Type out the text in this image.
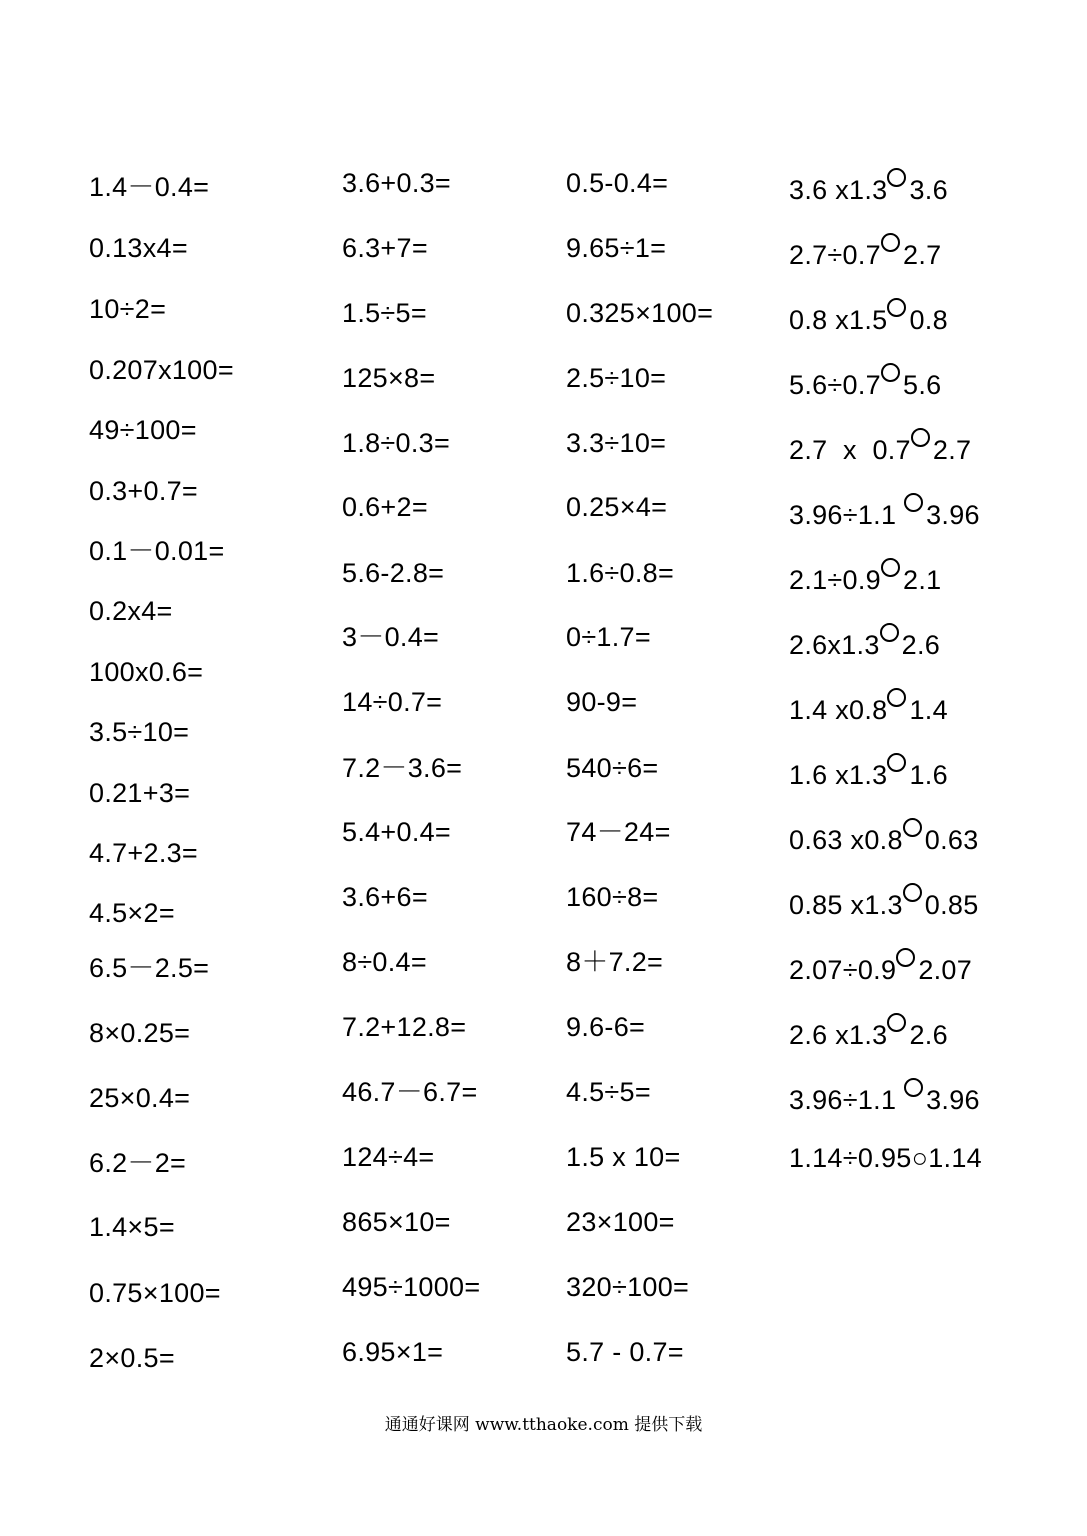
1.4－0.4=
0.13x4=
10÷2=
0.207x100=
49÷100=
0.3+0.7=
0.1－0.01=
0.2x4=
100x0.6=
3.5÷10=
0.21+3=
4.7+2.3=
4.5×2=
6.5－2.5=
8×0.25=
25×0.4=
6.2－2=
1.4×5=
0.75×100=
2×0.5=
3.6+0.3=
6.3+7=
1.5÷5=
125×8=
1.8÷0.3=
0.6+2=
5.6-2.8=
3－0.4=
14÷0.7=
7.2－3.6=
5.4+0.4=
3.6+6=
8÷0.4=
7.2+12.8=
46.7－6.7=
124÷4=
865×10=
495÷1000=
6.95×1=
0.5-0.4=
9.65÷1=
0.325×100=
2.5÷10=
3.3÷10=
0.25×4=
1.6÷0.8=
0÷1.7=
90-9=
540÷6=
74－24=
160÷8=
8＋7.2=
9.6-6=
4.5÷5=
1.5 x 10=
23×100=
320÷100=
5.7 - 0.7=
3.6 x1.3 3.6
2.7÷0.7 2.7
0.8 x1.5 0.8
5.6÷0.7 5.6
2.7  x  0.7 2.7
3.96÷1.1
3.96
2.1÷0.9 2.1
2.6x1.3 2.6
1.4 x0.8 1.4
1.6 x1.3 1.6
0.63 x0.8 0.63
0.85 x1.3 0.85
2.07÷0.9 2.07
2.6 x1.3 2.6
3.96÷1.1
3.96
1.14÷0.95○1.14
通通好课网 www.tthaoke.com 提供下载
